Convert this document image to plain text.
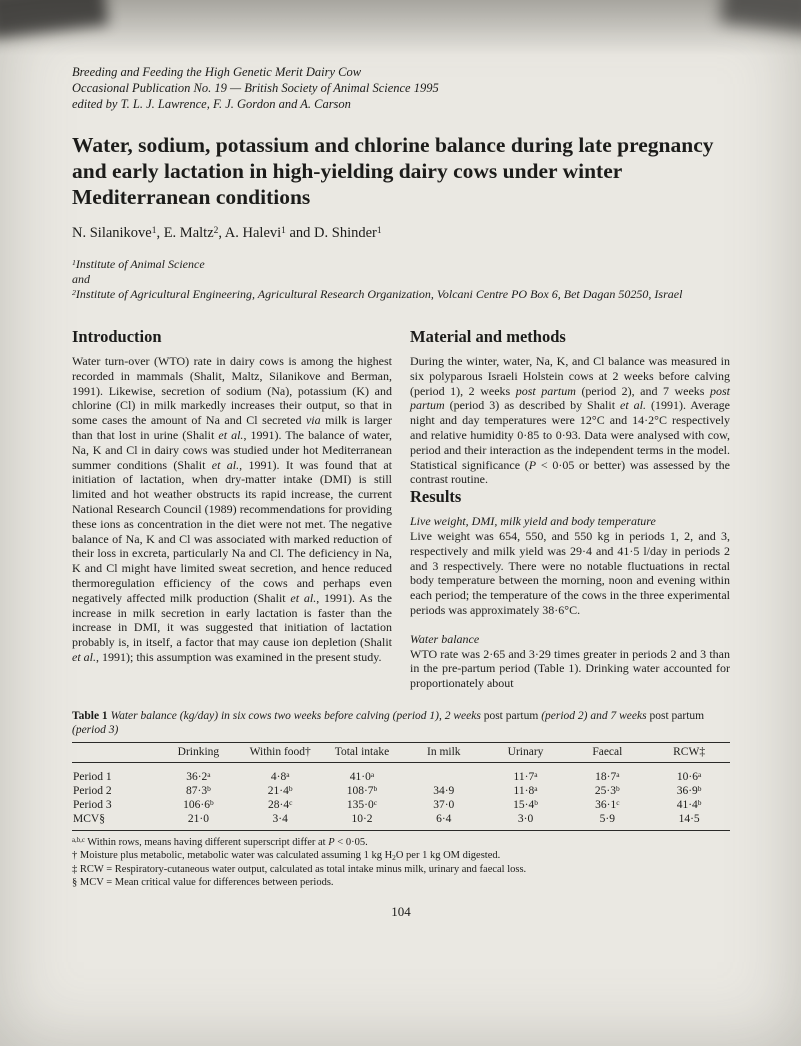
Breeding and Feeding the High Genetic Merit Dairy Cow
Occasional Publication No. 19 — British Society of Animal Science 1995
edited by T. L. J. Lawrence, F. J. Gordon and A. Carson
Water, sodium, potassium and chlorine balance during late pregnancy and early lactation in high-yielding dairy cows under winter Mediterranean conditions
N. Silanikove$^1$, E. Maltz$^2$, A. Halevi$^1$ and D. Shinder$^1$
$^1$Institute of Animal Science
and
$^2$Institute of Agricultural Engineering, Agricultural Research Organization, Volcani Centre PO Box 6, Bet Dagan 50250, Israel
Introduction

Water turn-over (WTO) rate in dairy cows is among the highest recorded in mammals (Shalit, Maltz, Silanikove and Berman, 1991). Likewise, secretion of sodium (Na), potassium (K) and chlorine (Cl) in milk markedly increases their output, so that in some cases the amount of Na and Cl secreted via milk is larger than that lost in urine (Shalit et al., 1991). The balance of water, Na, K and Cl in dairy cows was studied under hot Mediterranean summer conditions (Shalit et al., 1991). It was found that at initiation of lactation, when dry-matter intake (DMI) is still limited and hot weather obstructs its rapid increase, the current National Research Council (1989) recommendations for providing these ions as concentration in the diet were not met. The negative balance of Na, K and Cl was associated with marked reduction of their loss in excreta, particularly Na and Cl. The deficiency in Na, K and Cl might have limited sweat secretion, and hence reduced thermoregulation efficiency of the cows and perhaps even negatively affected milk production (Shalit et al., 1991). As the increase in milk secretion in early lactation is faster than the increase in DMI, it was suggested that initiation of lactation probably is, in itself, a factor that may cause ion depletion (Shalit et al., 1991); this assumption was examined in the present study.

Material and methods

During the winter, water, Na, K, and Cl balance was measured in six polyparous Israeli Holstein cows at 2 weeks before calving (period 1), 2 weeks post partum (period 2), and 7 weeks post partum (period 3) as described by Shalit et al. (1991). Average night and day temperatures were 12°C and 14·2°C respectively and relative humidity 0·85 to 0·93. Data were analysed with cow, period and their interaction as the independent terms in the model. Statistical significance (P < 0·05 or better) was assessed by the contrast routine.

Results
Live weight, DMI, milk yield and body temperature

Live weight was 654, 550, and 550 kg in periods 1, 2, and 3, respectively and milk yield was 29·4 and 41·5 l/day in periods 2 and 3 respectively. There were no notable fluctuations in rectal body temperature between the morning, noon and evening within each period; the temperature of the cows in the three experimental periods was approximately 38·6°C.

Water balance

WTO rate was 2·65 and 3·29 times greater in periods 2 and 3 than in the pre-partum period (Table 1). Drinking water accounted for proportionately about

Table 1 Water balance (kg/day) in six cows two weeks before calving (period 1), 2 weeks post partum (period 2) and 7 weeks post partum (period 3)
	Drinking	Within food†	Total intake	In milk	Urinary	Faecal	RCW‡
Period 1	$36\cdot 2^a$	$4\cdot 8^a$	$41\cdot 0^a$		$11\cdot 7^a$	$18\cdot 7^a$	$10\cdot 6^a$
Period 2	$87\cdot 3^b$	$21\cdot 4^b$	$108\cdot 7^b$	34·9	$11\cdot 8^a$	$25\cdot 3^b$	$36\cdot 9^b$
Period 3	$106\cdot 6^b$	$28\cdot 4^c$	$135\cdot 0^c$	37·0	$15\cdot 4^b$	$36\cdot 1^c$	$41\cdot 4^b$
MCV§	21·0	3·4	10·2	6·4	3·0	5·9	14·5
$^{a,b,c}$ Within rows, means having different superscript differ at P < 0·05.
† Moisture plus metabolic, metabolic water was calculated assuming 1 kg $H_2O$ per 1 kg OM digested.
‡ RCW = Respiratory-cutaneous water output, calculated as total intake minus milk, urinary and faecal loss.
§ MCV = Mean critical value for differences between periods.
104
